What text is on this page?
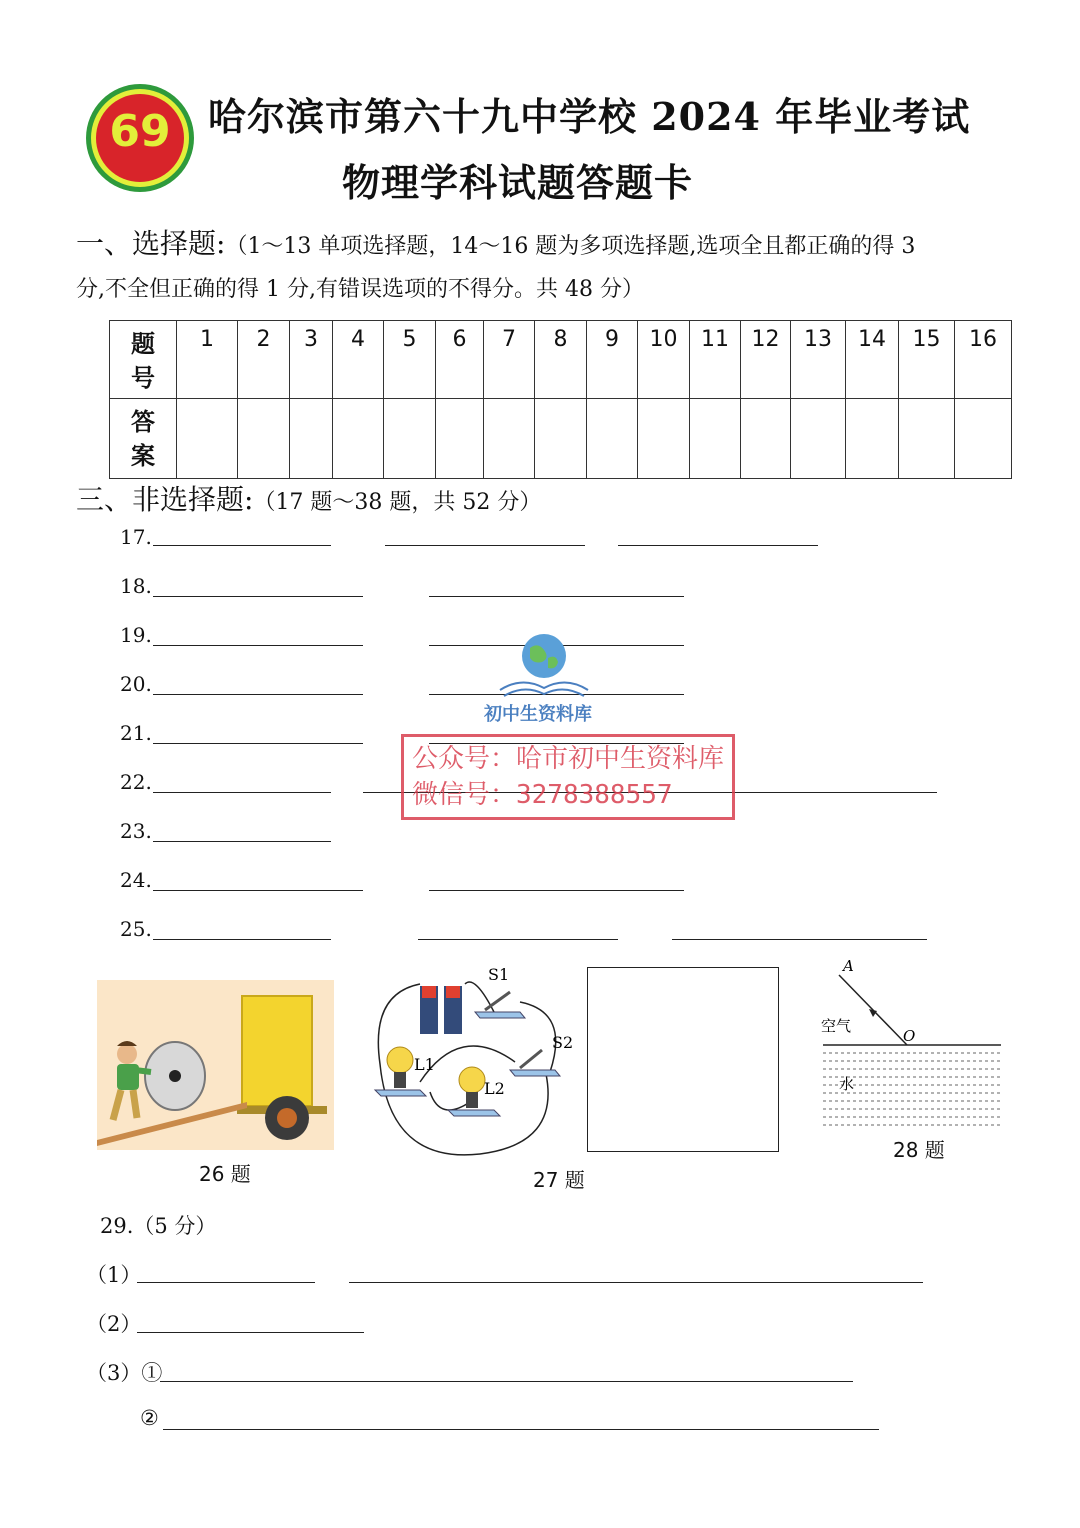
69 哈尔滨市第六十九中学校 2024 年毕业考试
物理学科试题答题卡
一、选择题:（1～13 单项选择题，14～16 题为多项选择题,选项全且都正确的得 3
分,不全但正确的得 1 分,有错误选项的不得分。共 48 分）
题号	1	2	3	4	5	6	7	8	9	10	11	12	13	14	15	16
答案																
三、非选择题:（17 题～38 题，共 52 分）
17.
18.
19.
20.
21.
22.
23.
24.
25.
初中生资料库
公众号：哈市初中生资料库
微信号：3278388557
26 题
S1
S2
L1
L2
27 题
A
O
空气
水
28 题
29.（5 分）
（1）
（2）
（3）①
②
